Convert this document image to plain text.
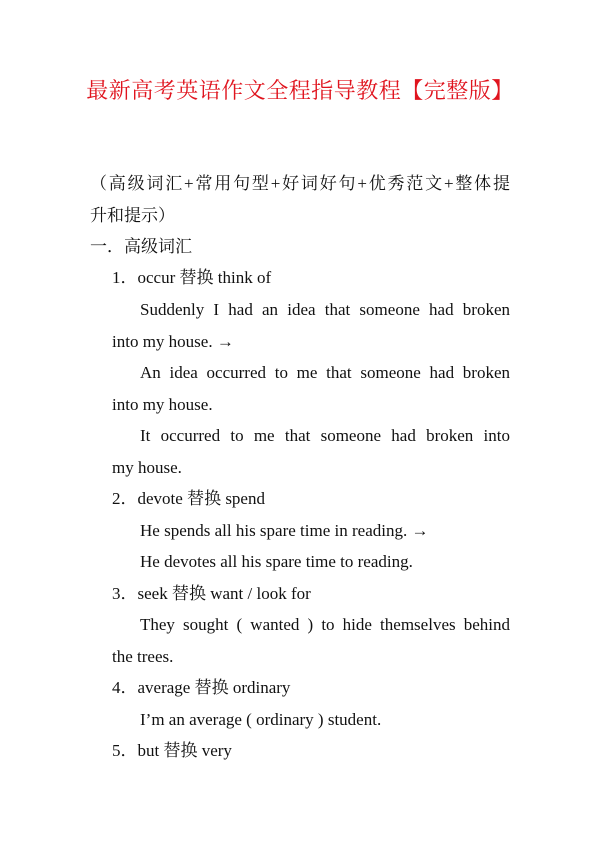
最新高考英语作文全程指导教程【完整版】
（高级词汇+常用句型+好词好句+优秀范文+整体提
升和提示）
一．高级词汇
1．occur 替换 think of
Suddenly I had an idea that someone had broken
into my house. →
An idea occurred to me that someone had broken
into my house.
It occurred to me that someone had broken into
my house.
2．devote 替换 spend
He spends all his spare time in reading. →
He devotes all his spare time to reading.
3．seek 替换 want / look for
They sought ( wanted ) to hide themselves behind
the trees.
4．average 替换 ordinary
I’m an average ( ordinary ) student.
5．but 替换 very
